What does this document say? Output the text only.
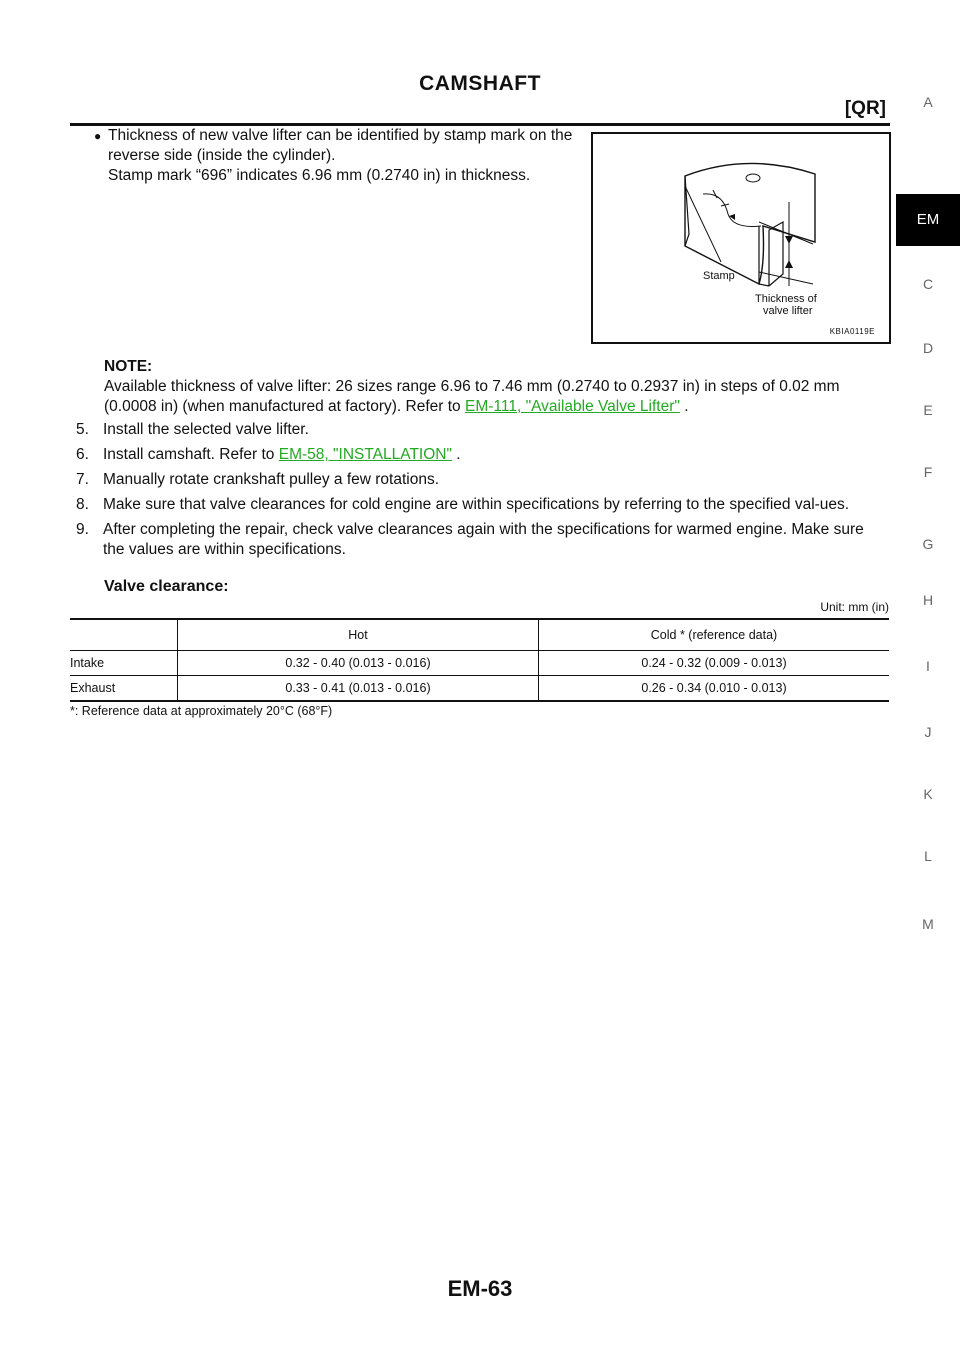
CAMSHAFT
[QR]	A
EM
C
D
E
F
G
H
I
J
K
L
M
● Thickness of new valve lifter can be identified by stamp mark on the reverse side (inside the cylinder).
Stamp mark “696” indicates 6.96 mm (0.2740 in) in thickness.
Stamp
Thickness of
valve lifter
KBIA0119E
NOTE:
Available thickness of valve lifter: 26 sizes range 6.96 to 7.46 mm (0.2740 to 0.2937 in) in steps of 0.02 mm (0.0008 in) (when manufactured at factory). Refer to EM-111, "Available Valve Lifter" .
5. Install the selected valve lifter.
6. Install camshaft. Refer to EM-58, "INSTALLATION" .
7. Manually rotate crankshaft pulley a few rotations.
8. Make sure that valve clearances for cold engine are within specifications by referring to the specified val-ues.
9. After completing the repair, check valve clearances again with the specifications for warmed engine. Make sure the values are within specifications.
Valve clearance:
Unit: mm (in)
	Hot	Cold * (reference data)
Intake	0.32 - 0.40 (0.013 - 0.016)	0.24 - 0.32 (0.009 - 0.013)
Exhaust	0.33 - 0.41 (0.013 - 0.016)	0.26 - 0.34 (0.010 - 0.013)
*: Reference data at approximately 20°C (68°F)
EM-63
